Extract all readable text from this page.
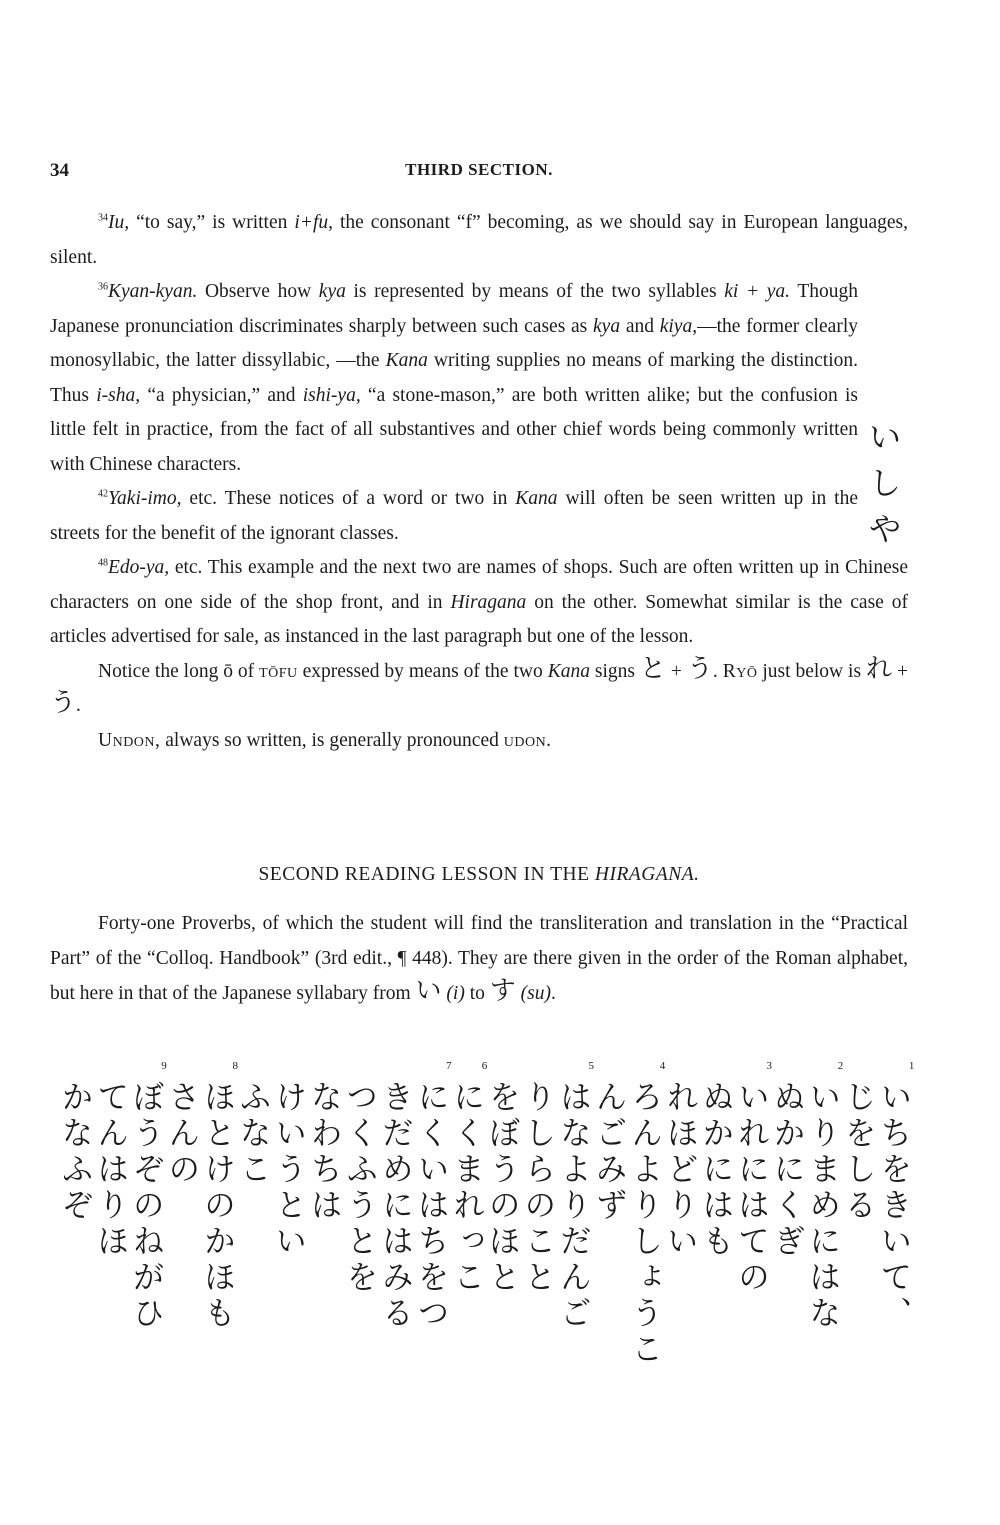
34	THIRD SECTION.

$^{34}$Iu, “to say,” is written i+fu, the consonant “f” becoming, as we should say in European languages, silent.

$^{36}$Kyan-kyan. Observe how kya is represented by means of the two syllables ki + ya. Though Japanese pronunciation discriminates sharply between such cases as kya and kiya,—the former clearly monosyllabic, the latter dissyllabic, —the Kana writing supplies no means of marking the distinction. Thus i-sha, “a physician,” and ishi-ya, “a stone-mason,” are both written alike; but the confusion is little felt in practice, from the fact of all substantives and other chief words being commonly written with Chinese characters.

$^{42}$Yaki-imo, etc. These notices of a word or two in Kana will often be seen written up in the streets for the benefit of the ignorant classes.

$^{48}$Edo-ya, etc. This example and the next two are names of shops. Such are often written up in Chinese characters on one side of the shop front, and in Hiragana on the other. Somewhat similar is the case of articles advertised for sale, as instanced in the last paragraph but one of the lesson.

Notice the long ō of tōfu expressed by means of the two Kana signs と + う. Ryō just below is れ + う.

Undon, always so written, is generally pronounced udon.

い
し
や
SECOND READING LESSON IN THE HIRAGANA.

Forty-one Proverbs, of which the student will find the transliteration and translation in the “Practical Part” of the “Colloq. Handbook” (3rd edit., ¶ 448). They are there given in the order of the Roman alphabet, but here in that of the Japanese syllabary from い (i) to す (su).

1
いちをきいて、
じをしる
2
いりまめにはな
ぬかにくぎ
3
いれにはての
ぬかにはも
れほどりい
4
ろんよりしょうこ
んごみず
5
はなよりだんご
りしらのこと
をぼうのほと
6
にくまれっこ
7
にくいはちをつ
きだめにはみる
つくふうとを
なわちは
けいうとい
ふなこ
8
ほとけのかほも
さんの
9
ぼうぞのねがひ
てんはりほ
かなふぞ
